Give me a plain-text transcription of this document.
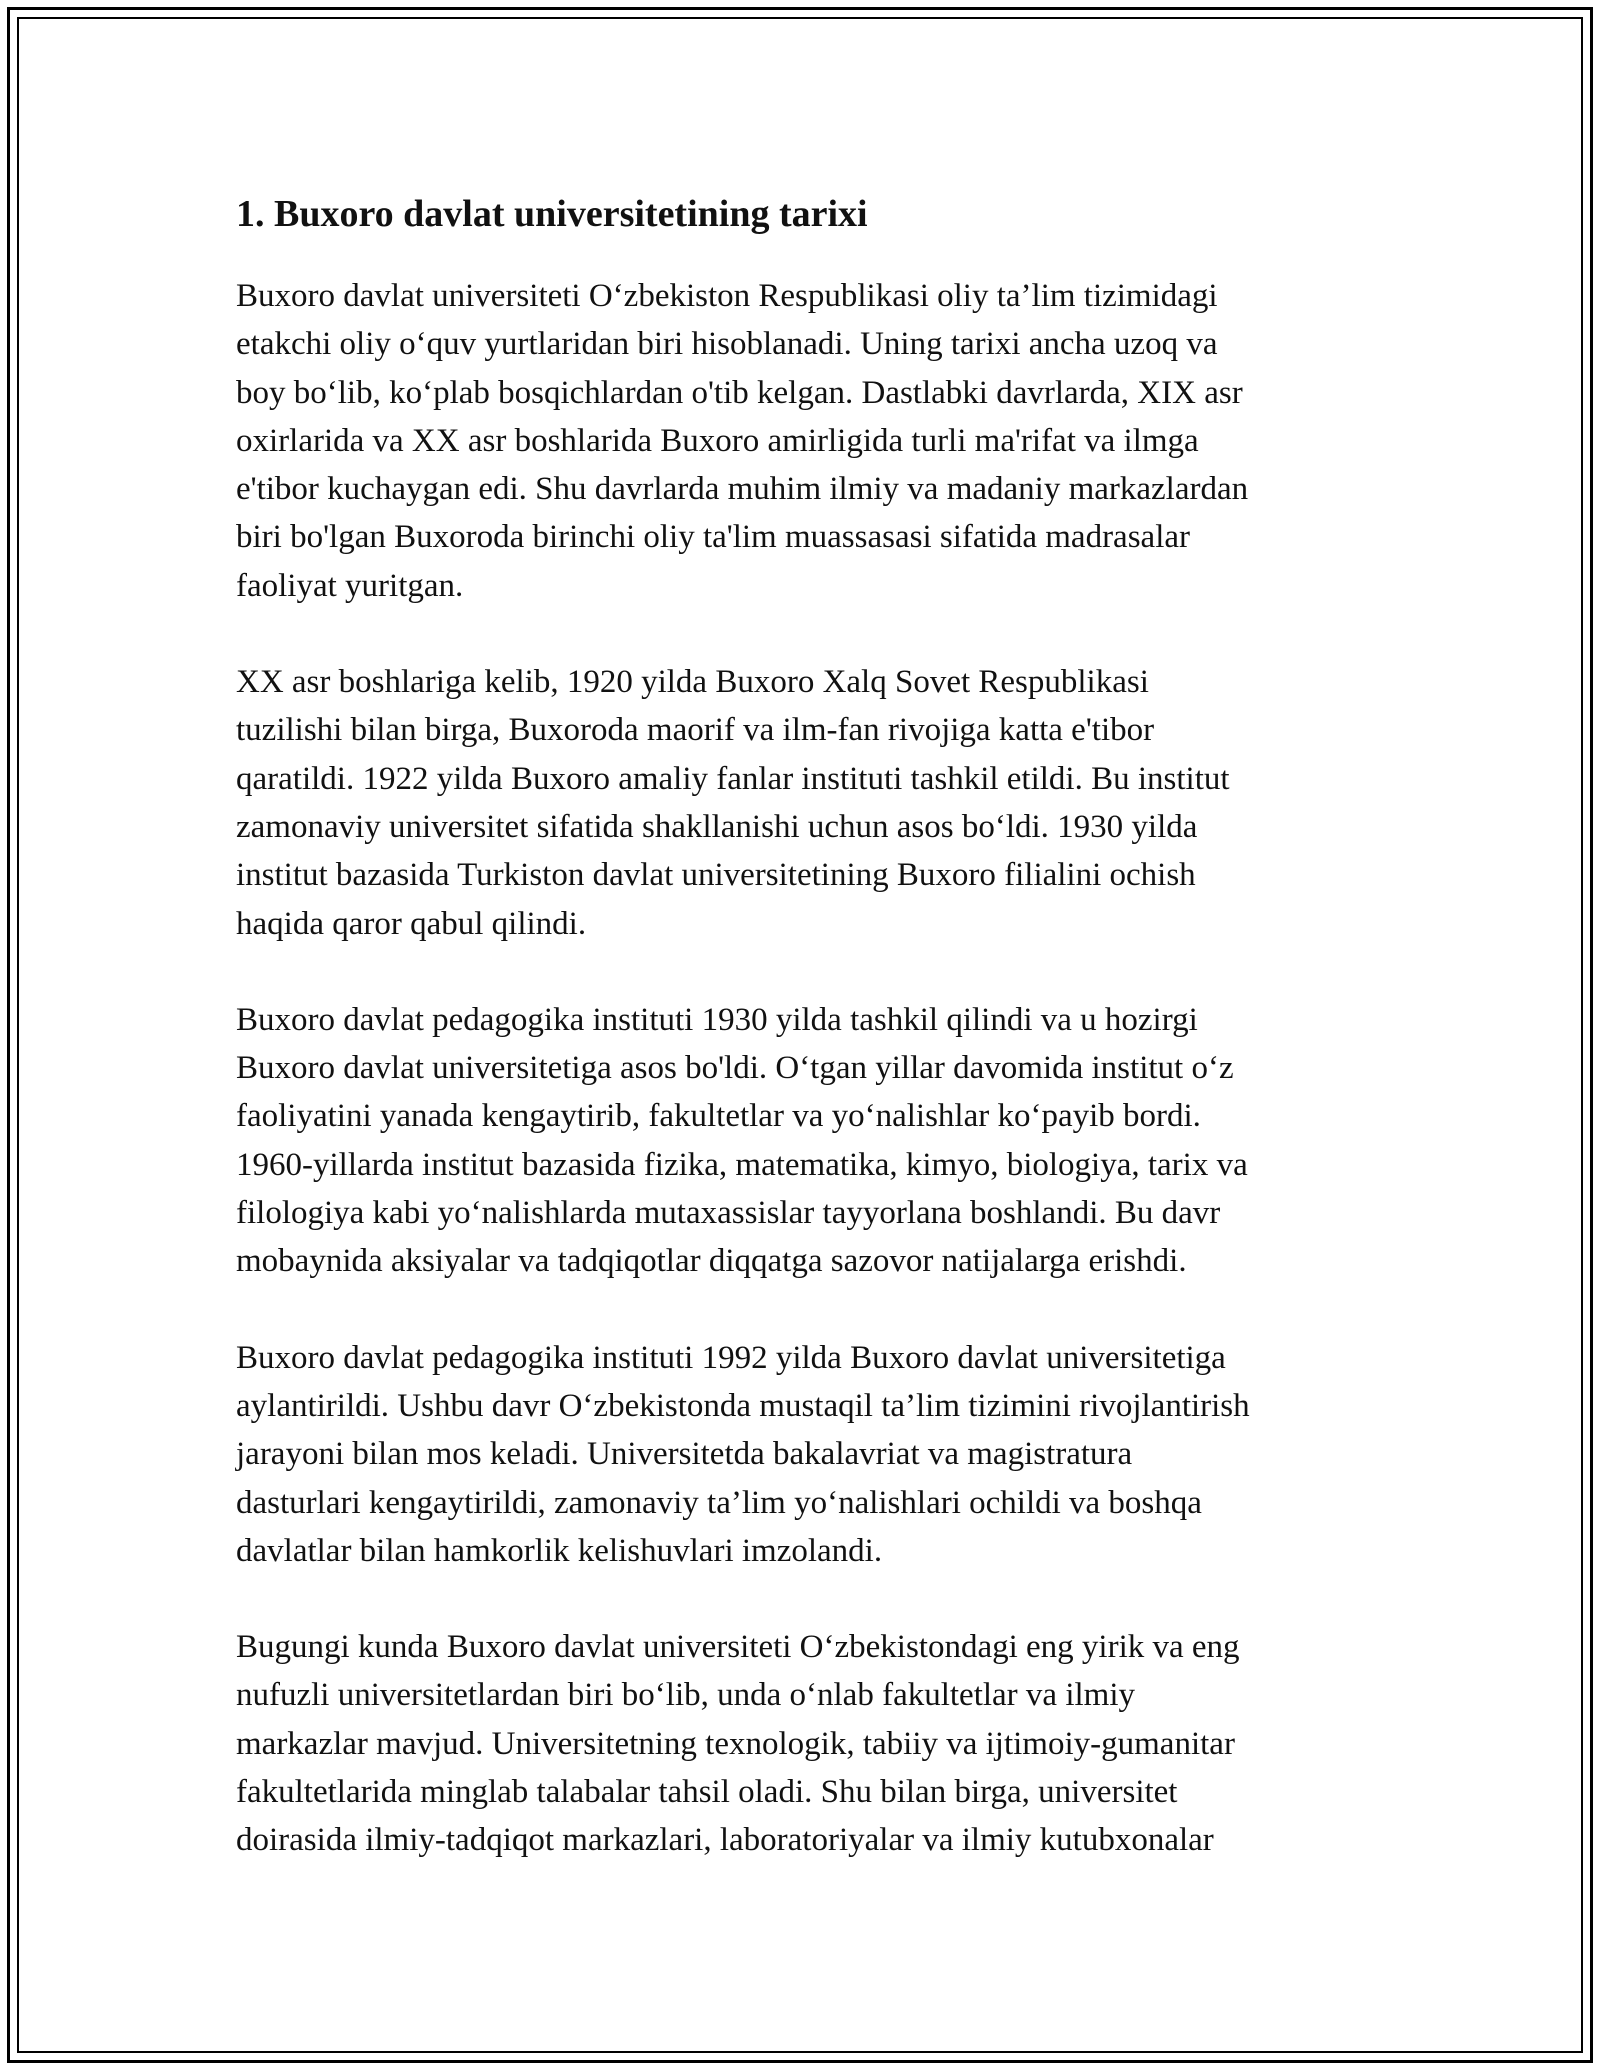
1. Buxoro davlat universitetining tarixi

Buxoro davlat universiteti O‘zbekiston Respublikasi oliy ta’lim tizimidagi
etakchi oliy o‘quv yurtlaridan biri hisoblanadi. Uning tarixi ancha uzoq va
boy bo‘lib, ko‘plab bosqichlardan o'tib kelgan. Dastlabki davrlarda, XIX asr
oxirlarida va XX asr boshlarida Buxoro amirligida turli ma'rifat va ilmga
e'tibor kuchaygan edi. Shu davrlarda muhim ilmiy va madaniy markazlardan
biri bo'lgan Buxoroda birinchi oliy ta'lim muassasasi sifatida madrasalar
faoliyat yuritgan.

XX asr boshlariga kelib, 1920 yilda Buxoro Xalq Sovet Respublikasi
tuzilishi bilan birga, Buxoroda maorif va ilm-fan rivojiga katta e'tibor
qaratildi. 1922 yilda Buxoro amaliy fanlar instituti tashkil etildi. Bu institut
zamonaviy universitet sifatida shakllanishi uchun asos bo‘ldi. 1930 yilda
institut bazasida Turkiston davlat universitetining Buxoro filialini ochish
haqida qaror qabul qilindi.

Buxoro davlat pedagogika instituti 1930 yilda tashkil qilindi va u hozirgi
Buxoro davlat universitetiga asos bo'ldi. O‘tgan yillar davomida institut o‘z
faoliyatini yanada kengaytirib, fakultetlar va yo‘nalishlar ko‘payib bordi.
1960-yillarda institut bazasida fizika, matematika, kimyo, biologiya, tarix va
filologiya kabi yo‘nalishlarda mutaxassislar tayyorlana boshlandi. Bu davr
mobaynida aksiyalar va tadqiqotlar diqqatga sazovor natijalarga erishdi.

Buxoro davlat pedagogika instituti 1992 yilda Buxoro davlat universitetiga
aylantirildi. Ushbu davr O‘zbekistonda mustaqil ta’lim tizimini rivojlantirish
jarayoni bilan mos keladi. Universitetda bakalavriat va magistratura
dasturlari kengaytirildi, zamonaviy ta’lim yo‘nalishlari ochildi va boshqa
davlatlar bilan hamkorlik kelishuvlari imzolandi.

Bugungi kunda Buxoro davlat universiteti O‘zbekistondagi eng yirik va eng
nufuzli universitetlardan biri bo‘lib, unda o‘nlab fakultetlar va ilmiy
markazlar mavjud. Universitetning texnologik, tabiiy va ijtimoiy-gumanitar
fakultetlarida minglab talabalar tahsil oladi. Shu bilan birga, universitet
doirasida ilmiy-tadqiqot markazlari, laboratoriyalar va ilmiy kutubxonalar
